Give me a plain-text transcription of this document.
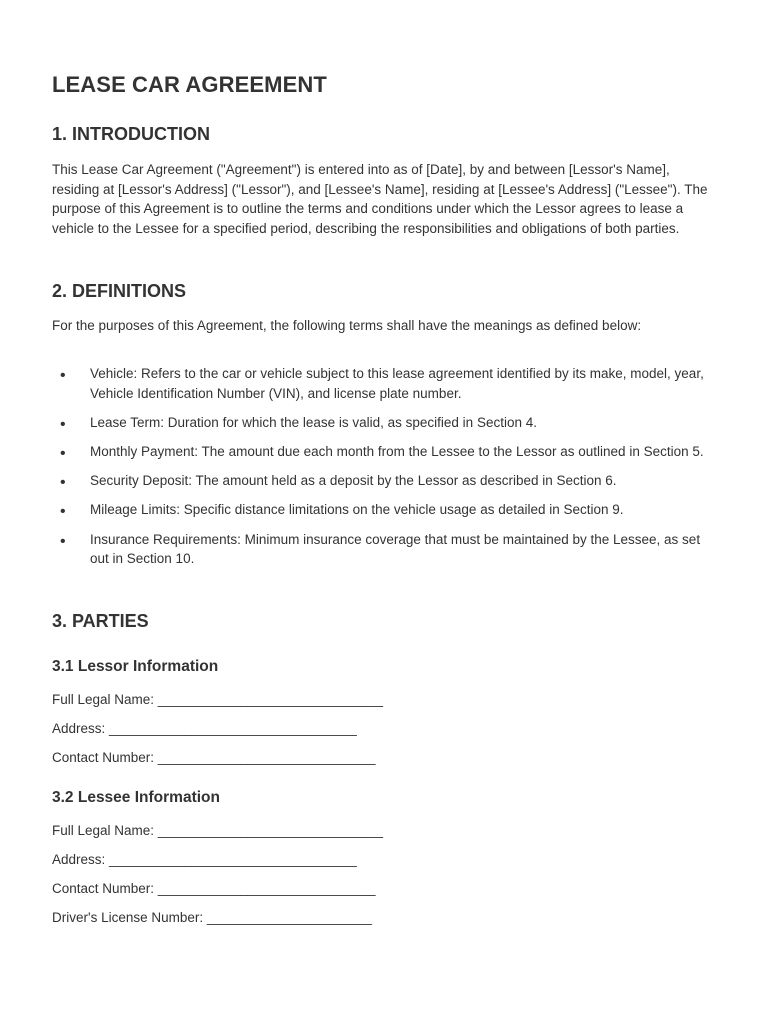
LEASE CAR AGREEMENT
1. INTRODUCTION

This Lease Car Agreement ("Agreement") is entered into as of [Date], by and between [Lessor's Name], residing at [Lessor's Address] ("Lessor"), and [Lessee's Name], residing at [Lessee's Address] ("Lessee"). The purpose of this Agreement is to outline the terms and conditions under which the Lessor agrees to lease a vehicle to the Lessee for a specified period, describing the responsibilities and obligations of both parties.

2. DEFINITIONS

For the purposes of this Agreement, the following terms shall have the meanings as defined below:

• Vehicle: Refers to the car or vehicle subject to this lease agreement identified by its make, model, year, Vehicle Identification Number (VIN), and license plate number.
• Lease Term: Duration for which the lease is valid, as specified in Section 4.
• Monthly Payment: The amount due each month from the Lessee to the Lessor as outlined in Section 5.
• Security Deposit: The amount held as a deposit by the Lessor as described in Section 6.
• Mileage Limits: Specific distance limitations on the vehicle usage as detailed in Section 9.
• Insurance Requirements: Minimum insurance coverage that must be maintained by the Lessee, as set out in Section 10.
3. PARTIES
3.1 Lessor Information

Full Legal Name: ______________________________

Address: _________________________________

Contact Number: _____________________________

3.2 Lessee Information

Full Legal Name: ______________________________

Address: _________________________________

Contact Number: _____________________________

Driver's License Number: ______________________
